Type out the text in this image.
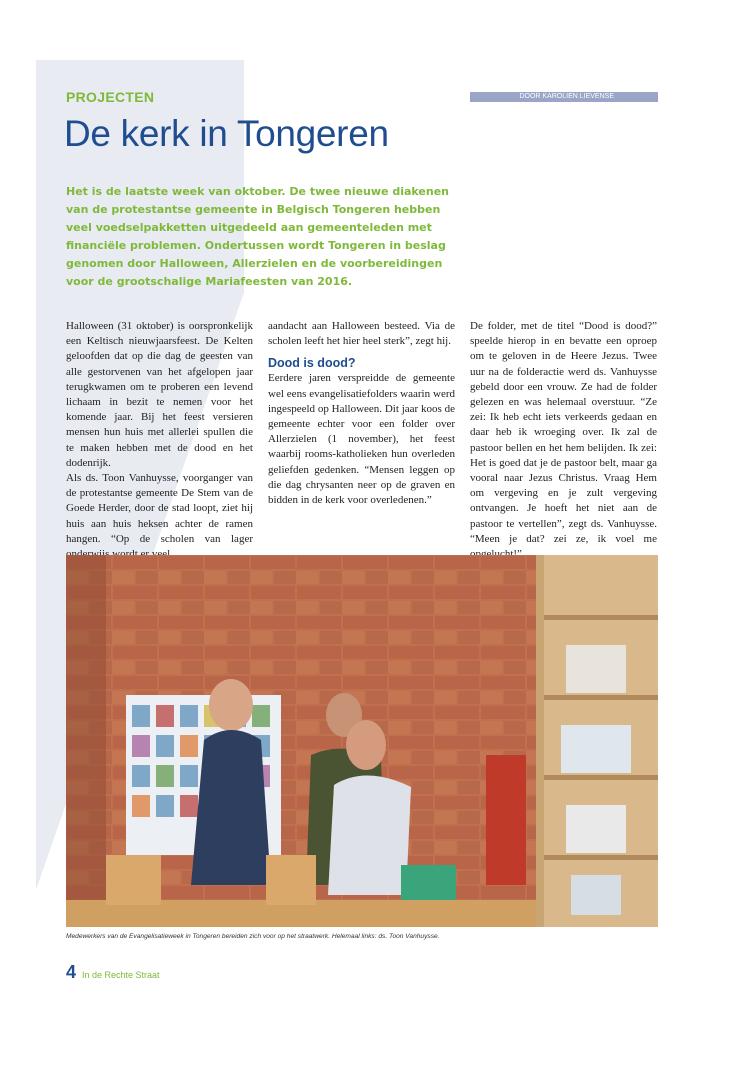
PROJECTEN	DOOR KAROLIEN LIEVENSE
De kerk in Tongeren

Het is de laatste week van oktober. De twee nieuwe diakenen van de protestantse gemeente in Belgisch Tongeren hebben veel voedselpakketten uitgedeeld aan gemeenteleden met financiële problemen. Ondertussen wordt Tongeren in beslag genomen door Halloween, Allerzielen en de voorbereidingen voor de grootschalige Mariafeesten van 2016.

Halloween (31 oktober) is oorspronkelijk een Keltisch nieuwjaarsfeest. De Kelten geloofden dat op die dag de geesten van alle gestorvenen van het afgelopen jaar terugkwamen om te proberen een levend lichaam in bezit te nemen voor het komende jaar. Bij het feest versieren mensen hun huis met allerlei spullen die te maken hebben met de dood en het dodenrijk.

Als ds. Toon Vanhuysse, voorganger van de protestantse gemeente De Stem van de Goede Herder, door de stad loopt, ziet hij huis aan huis heksen achter de ramen hangen. “Op de scholen van lager

aandacht aan Halloween besteed. Via de scholen leeft het hier heel sterk”, zegt hij.

Dood is dood?

Eerdere jaren verspreidde de gemeente wel eens evangelisatiefolders waarin werd ingespeeld op Halloween. Dit jaar koos de gemeente echter voor een folder over Allerzielen (1 november), het feest waarbij rooms-katholieken hun overleden geliefden gedenken. “Mensen leggen op die dag chrysanten neer op de graven en bidden in de kerk voor overledenen.”

De folder, met de titel “Dood is dood?” speelde hierop in en bevatte een oproep om te geloven in de Heere Jezus. Twee uur na de folderactie werd ds. Vanhuysse gebeld door een vrouw. Ze had de folder gelezen en was helemaal overstuur. “Ze zei: Ik heb echt iets verkeerds gedaan en daar heb ik wroeging over. Ik zal de pastoor bellen en het hem belijden. Ik zei: Het is goed dat je de pastoor belt, maar ga vooral naar Jezus Christus. Vraag Hem om vergeving en je zult vergeving ontvangen. Je hoeft het niet aan de pastoor te vertellen”, zegt ds. Vanhuysse. “Meen je dat? zei ze, ik voel me

Medewerkers van de Evangelisatieweek in Tongeren bereiden zich voor op het straatwerk. Helemaal links: ds. Toon Vanhuysse.
4 In de Rechte Straat
